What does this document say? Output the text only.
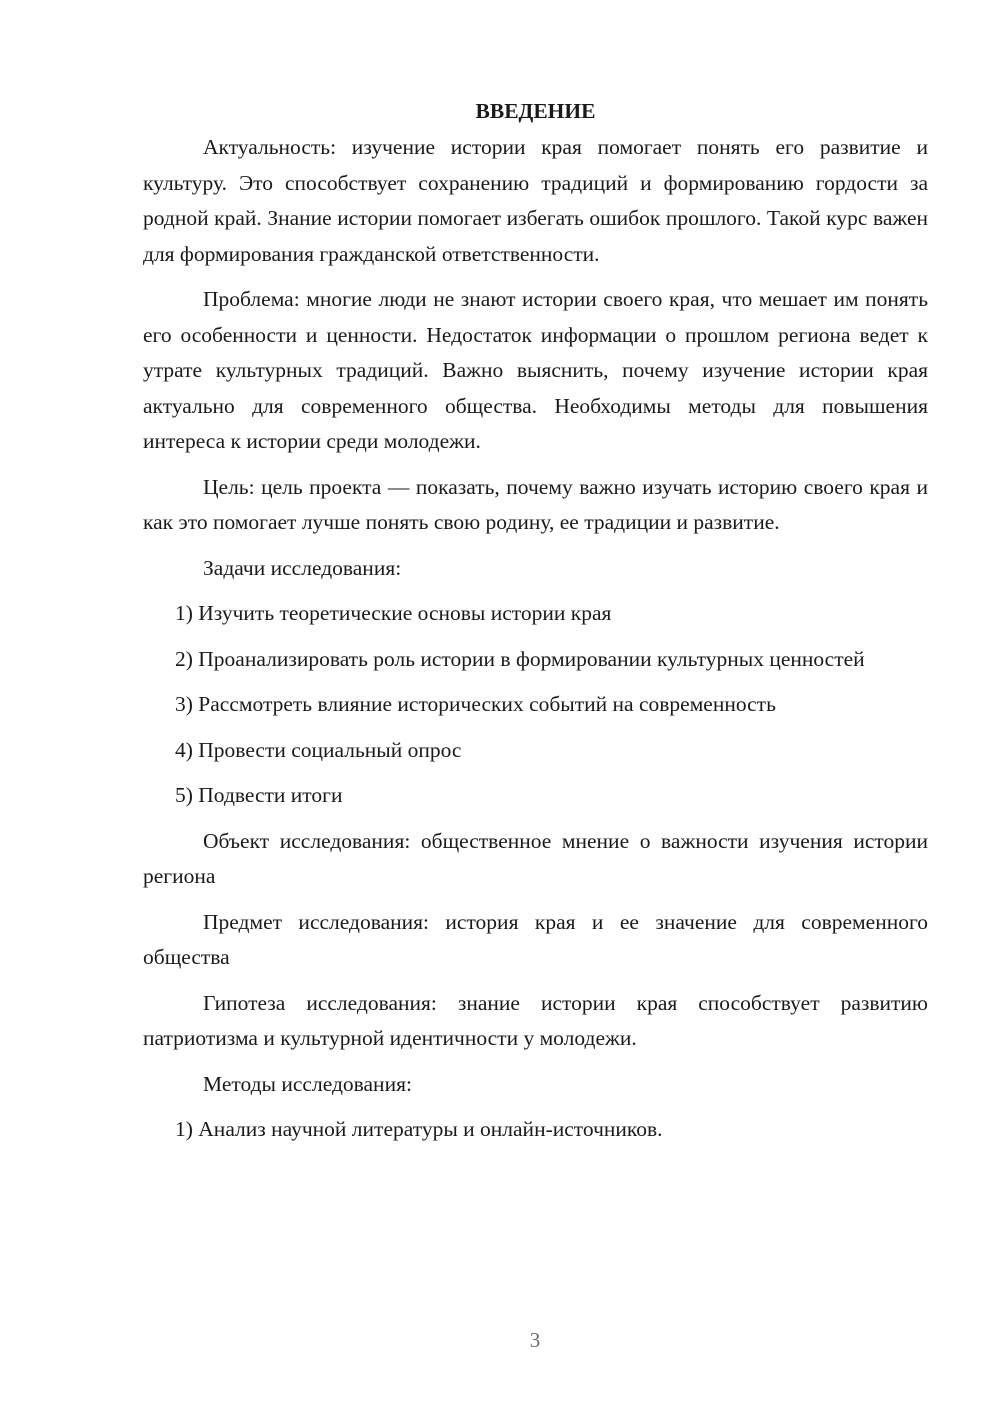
ВВЕДЕНИЕ

Актуальность: изучение истории края помогает понять его развитие и культуру. Это способствует сохранению традиций и формированию гордости за родной край. Знание истории помогает избегать ошибок прошлого. Такой курс важен для формирования гражданской ответственности.

Проблема: многие люди не знают истории своего края, что мешает им понять его особенности и ценности. Недостаток информации о прошлом региона ведет к утрате культурных традиций. Важно выяснить, почему изучение истории края актуально для современного общества. Необходимы методы для повышения интереса к истории среди молодежи.

Цель: цель проекта — показать, почему важно изучать историю своего края и как это помогает лучше понять свою родину, ее традиции и развитие.

Задачи исследования:

1) Изучить теоретические основы истории края

2) Проанализировать роль истории в формировании культурных ценностей

3) Рассмотреть влияние исторических событий на современность

4) Провести социальный опрос

5) Подвести итоги

Объект исследования: общественное мнение о важности изучения истории региона

Предмет исследования: история края и ее значение для современного общества

Гипотеза исследования: знание истории края способствует развитию патриотизма и культурной идентичности у молодежи.

Методы исследования:

1) Анализ научной литературы и онлайн-источников.

3
